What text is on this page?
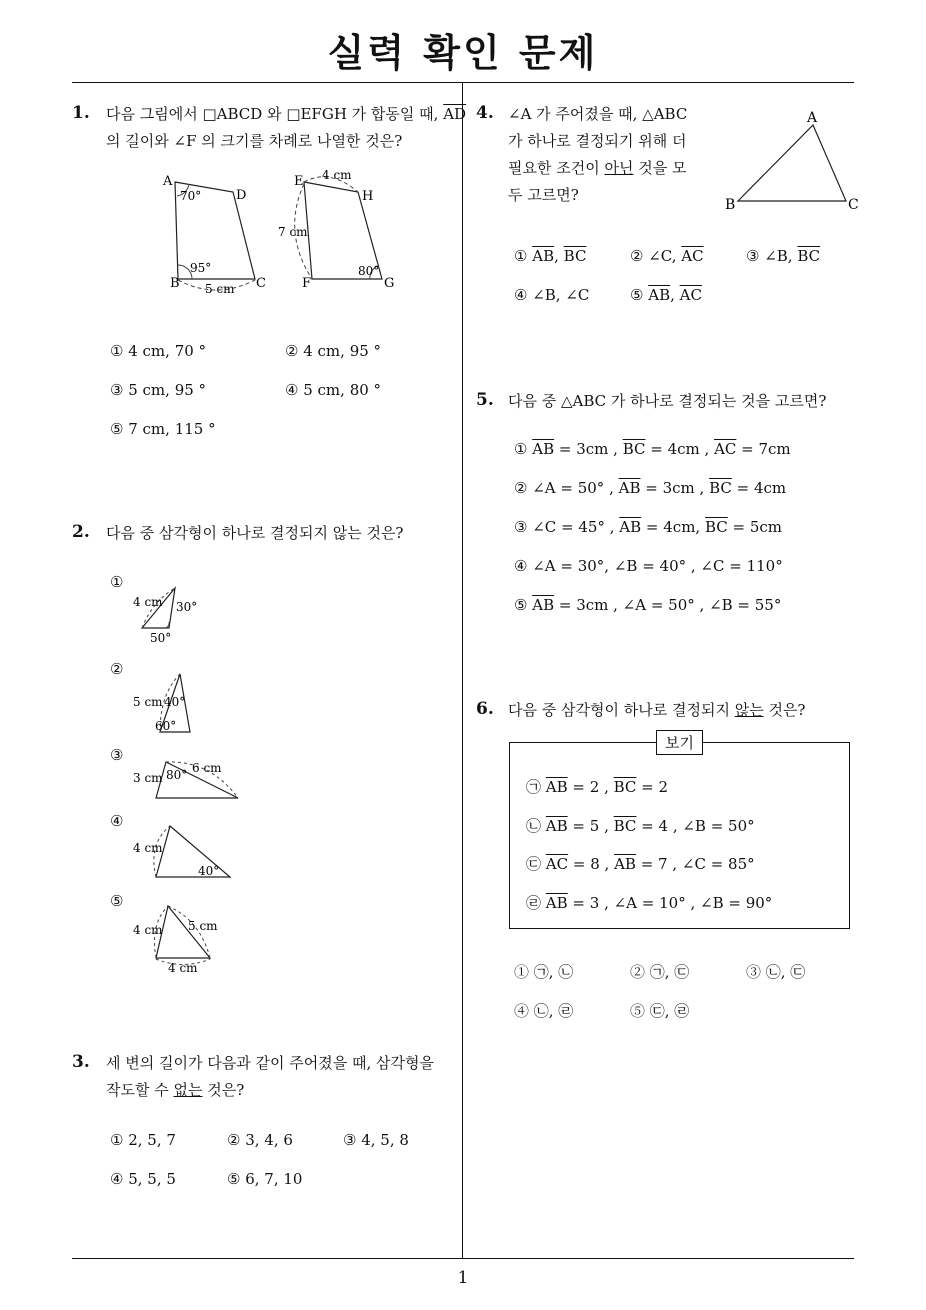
실력 확인 문제
1
1. 다음 그림에서 □ABCD 와 □EFGH 가 합동일 때, $\overline{AD}$
의 길이와 ∠F 의 크기를 차례로 나열한 것은?
A
D
B	C
70°
95°
5 cm
E
H
F	G
4 cm
7 cm
80°
① 4 cm, 70 °	② 4 cm, 95 °
③ 5 cm, 95 °	④ 5 cm, 80 °
⑤ 7 cm, 115 °
2. 다음 중 삼각형이 하나로 결정되지 않는 것은?
①
4 cm 30°
50°
②
5 cm 40°
60°
③
3 cm 80° 6 cm
④
4 cm
40°
⑤
4 cm 5 cm
4 cm
3. 세 변의 길이가 다음과 같이 주어졌을 때, 삼각형을
작도할 수 없는 것은?
① 2, 5, 7	② 3, 4, 6	③ 4, 5, 8
④ 5, 5, 5	⑤ 6, 7, 10
4. ∠A 가 주어졌을 때, △ABC
가 하나로 결정되기 위해 더
필요한 조건이 아닌 것을 모
두 고르면?
A
B	C
① $\overline{AB}$, $\overline{BC}$	② ∠C, $\overline{AC}$	③ ∠B, $\overline{BC}$
④ ∠B, ∠C	⑤ $\overline{AB}$, $\overline{AC}$
5. 다음 중 △ABC 가 하나로 결정되는 것을 고르면?
① $\overline{AB} = 3cm$ , $\overline{BC} = 4cm$ , $\overline{AC} = 7cm$
② ∠A = 50° , $\overline{AB} = 3cm$ , $\overline{BC} = 4cm$
③ ∠C = 45° , $\overline{AB} = 4cm$, $\overline{BC} = 5cm$
④ ∠A = 30°, ∠B = 40° , ∠C = 110°
⑤ $\overline{AB} = 3cm$ , ∠A = 50° , ∠B = 55°
6. 다음 중 삼각형이 하나로 결정되지 않는 것은?
보기
㉠ $\overline{AB} = 2$ , $\overline{BC} = 2$
㉡ $\overline{AB} = 5$ , $\overline{BC} = 4$ , ∠B = 50°
㉢ $\overline{AC} = 8$ , $\overline{AB} = 7$ , ∠C = 85°
㉣ $\overline{AB} = 3$ , ∠A = 10° , ∠B = 90°
① ㉠, ㉡	② ㉠, ㉢	③ ㉡, ㉢
④ ㉡, ㉣	⑤ ㉢, ㉣
